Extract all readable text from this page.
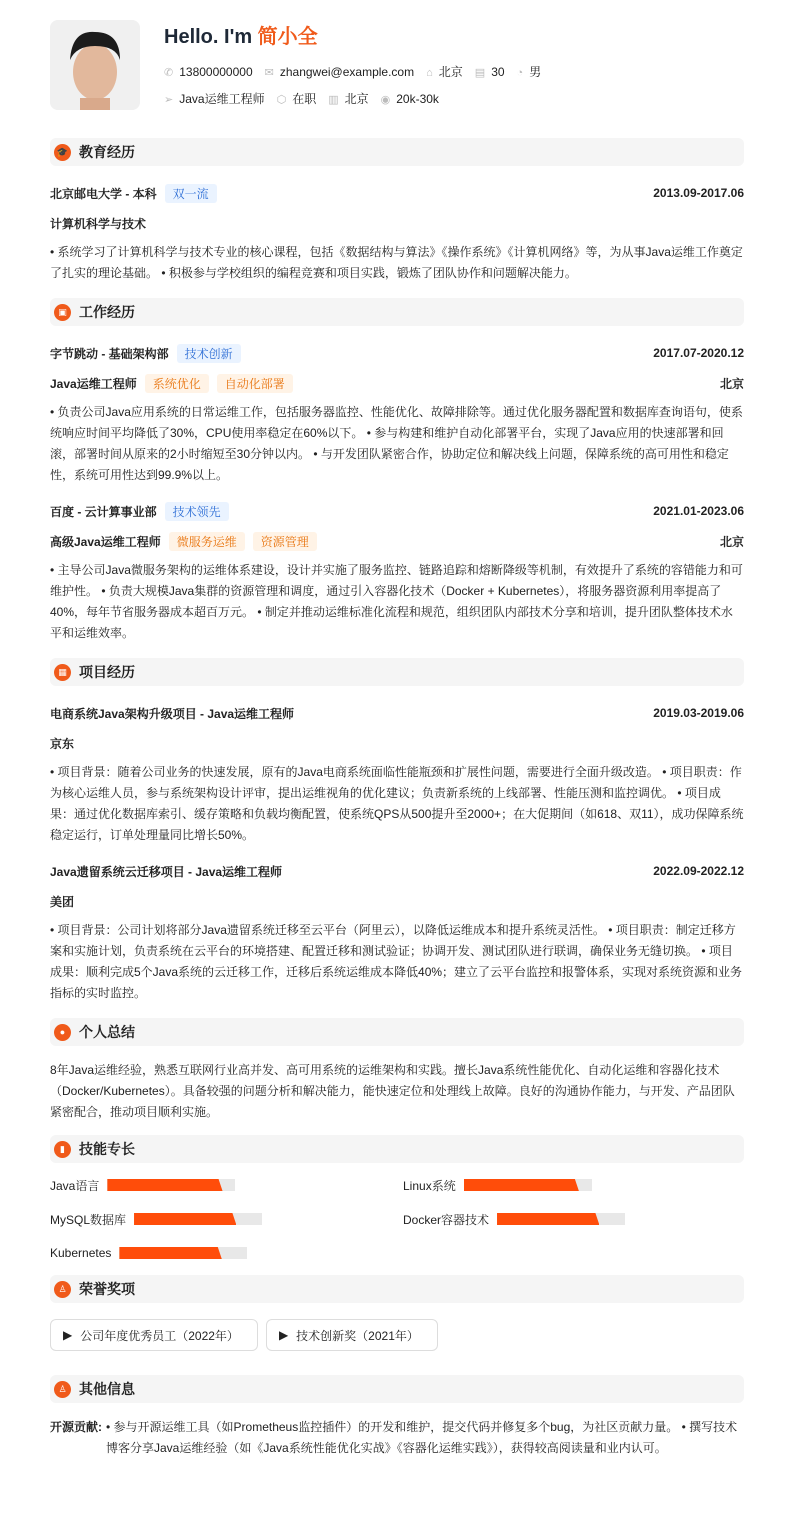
Hello. I'm 简小全
✆ 13800000000 ✉ zhangwei@example.com ⌂ 北京 ▤ 30 ◔ 男
➢ Java运维工程师 ⬡ 在职 ▥ 北京 ◉ 20k-30k
🎓 教育经历
北京邮电大学 - 本科	双一流	2013.09-2017.06
计算机科学与技术
• 系统学习了计算机科学与技术专业的核心课程，包括《数据结构与算法》《操作系统》《计算机网络》等，为从事Java运维工作奠定了扎实的理论基础。 • 积极参与学校组织的编程竞赛和项目实践，锻炼了团队协作和问题解决能力。
▣ 工作经历
字节跳动 - 基础架构部	技术创新	2017.07-2020.12
Java运维工程师	系统优化	自动化部署	北京
• 负责公司Java应用系统的日常运维工作，包括服务器监控、性能优化、故障排除等。通过优化服务器配置和数据库查询语句，使系统响应时间平均降低了30%，CPU使用率稳定在60%以下。 • 参与构建和维护自动化部署平台，实现了Java应用的快速部署和回滚，部署时间从原来的2小时缩短至30分钟以内。 • 与开发团队紧密合作，协助定位和解决线上问题，保障系统的高可用性和稳定性，系统可用性达到99.9%以上。
百度 - 云计算事业部	技术领先	2021.01-2023.06
高级Java运维工程师	微服务运维	资源管理	北京
• 主导公司Java微服务架构的运维体系建设，设计并实施了服务监控、链路追踪和熔断降级等机制，有效提升了系统的容错能力和可维护性。 • 负责大规模Java集群的资源管理和调度，通过引入容器化技术（Docker + Kubernetes），将服务器资源利用率提高了40%，每年节省服务器成本超百万元。 • 制定并推动运维标准化流程和规范，组织团队内部技术分享和培训，提升团队整体技术水平和运维效率。
▦ 项目经历
电商系统Java架构升级项目 - Java运维工程师	2019.03-2019.06
京东
• 项目背景：随着公司业务的快速发展，原有的Java电商系统面临性能瓶颈和扩展性问题，需要进行全面升级改造。 • 项目职责：作为核心运维人员，参与系统架构设计评审，提出运维视角的优化建议；负责新系统的上线部署、性能压测和监控调优。 • 项目成果：通过优化数据库索引、缓存策略和负载均衡配置，使系统QPS从500提升至2000+；在大促期间（如618、双11），成功保障系统稳定运行，订单处理量同比增长50%。
Java遗留系统云迁移项目 - Java运维工程师	2022.09-2022.12
美团
• 项目背景：公司计划将部分Java遗留系统迁移至云平台（阿里云），以降低运维成本和提升系统灵活性。 • 项目职责：制定迁移方案和实施计划，负责系统在云平台的环境搭建、配置迁移和测试验证；协调开发、测试团队进行联调，确保业务无缝切换。 • 项目成果：顺利完成5个Java系统的云迁移工作，迁移后系统运维成本降低40%；建立了云平台监控和报警体系，实现对系统资源和业务指标的实时监控。
● 个人总结
8年Java运维经验，熟悉互联网行业高并发、高可用系统的运维架构和实践。擅长Java系统性能优化、自动化运维和容器化技术（Docker/Kubernetes）。具备较强的问题分析和解决能力，能快速定位和处理线上故障。良好的沟通协作能力，与开发、产品团队紧密配合，推动项目顺利实施。
▮	技能专长
Java语言	Linux系统
MySQL数据库	Docker容器技术
Kubernetes
♙ 荣誉奖项
▶ 公司年度优秀员工（2022年）	▶ 技术创新奖（2021年）
♙ 其他信息
开源贡献: • 参与开源运维工具（如Prometheus监控插件）的开发和维护，提交代码并修复多个bug，为社区贡献力量。 • 撰写技术博客分享Java运维经验（如《Java系统性能优化实战》《容器化运维实践》），获得较高阅读量和业内认可。
